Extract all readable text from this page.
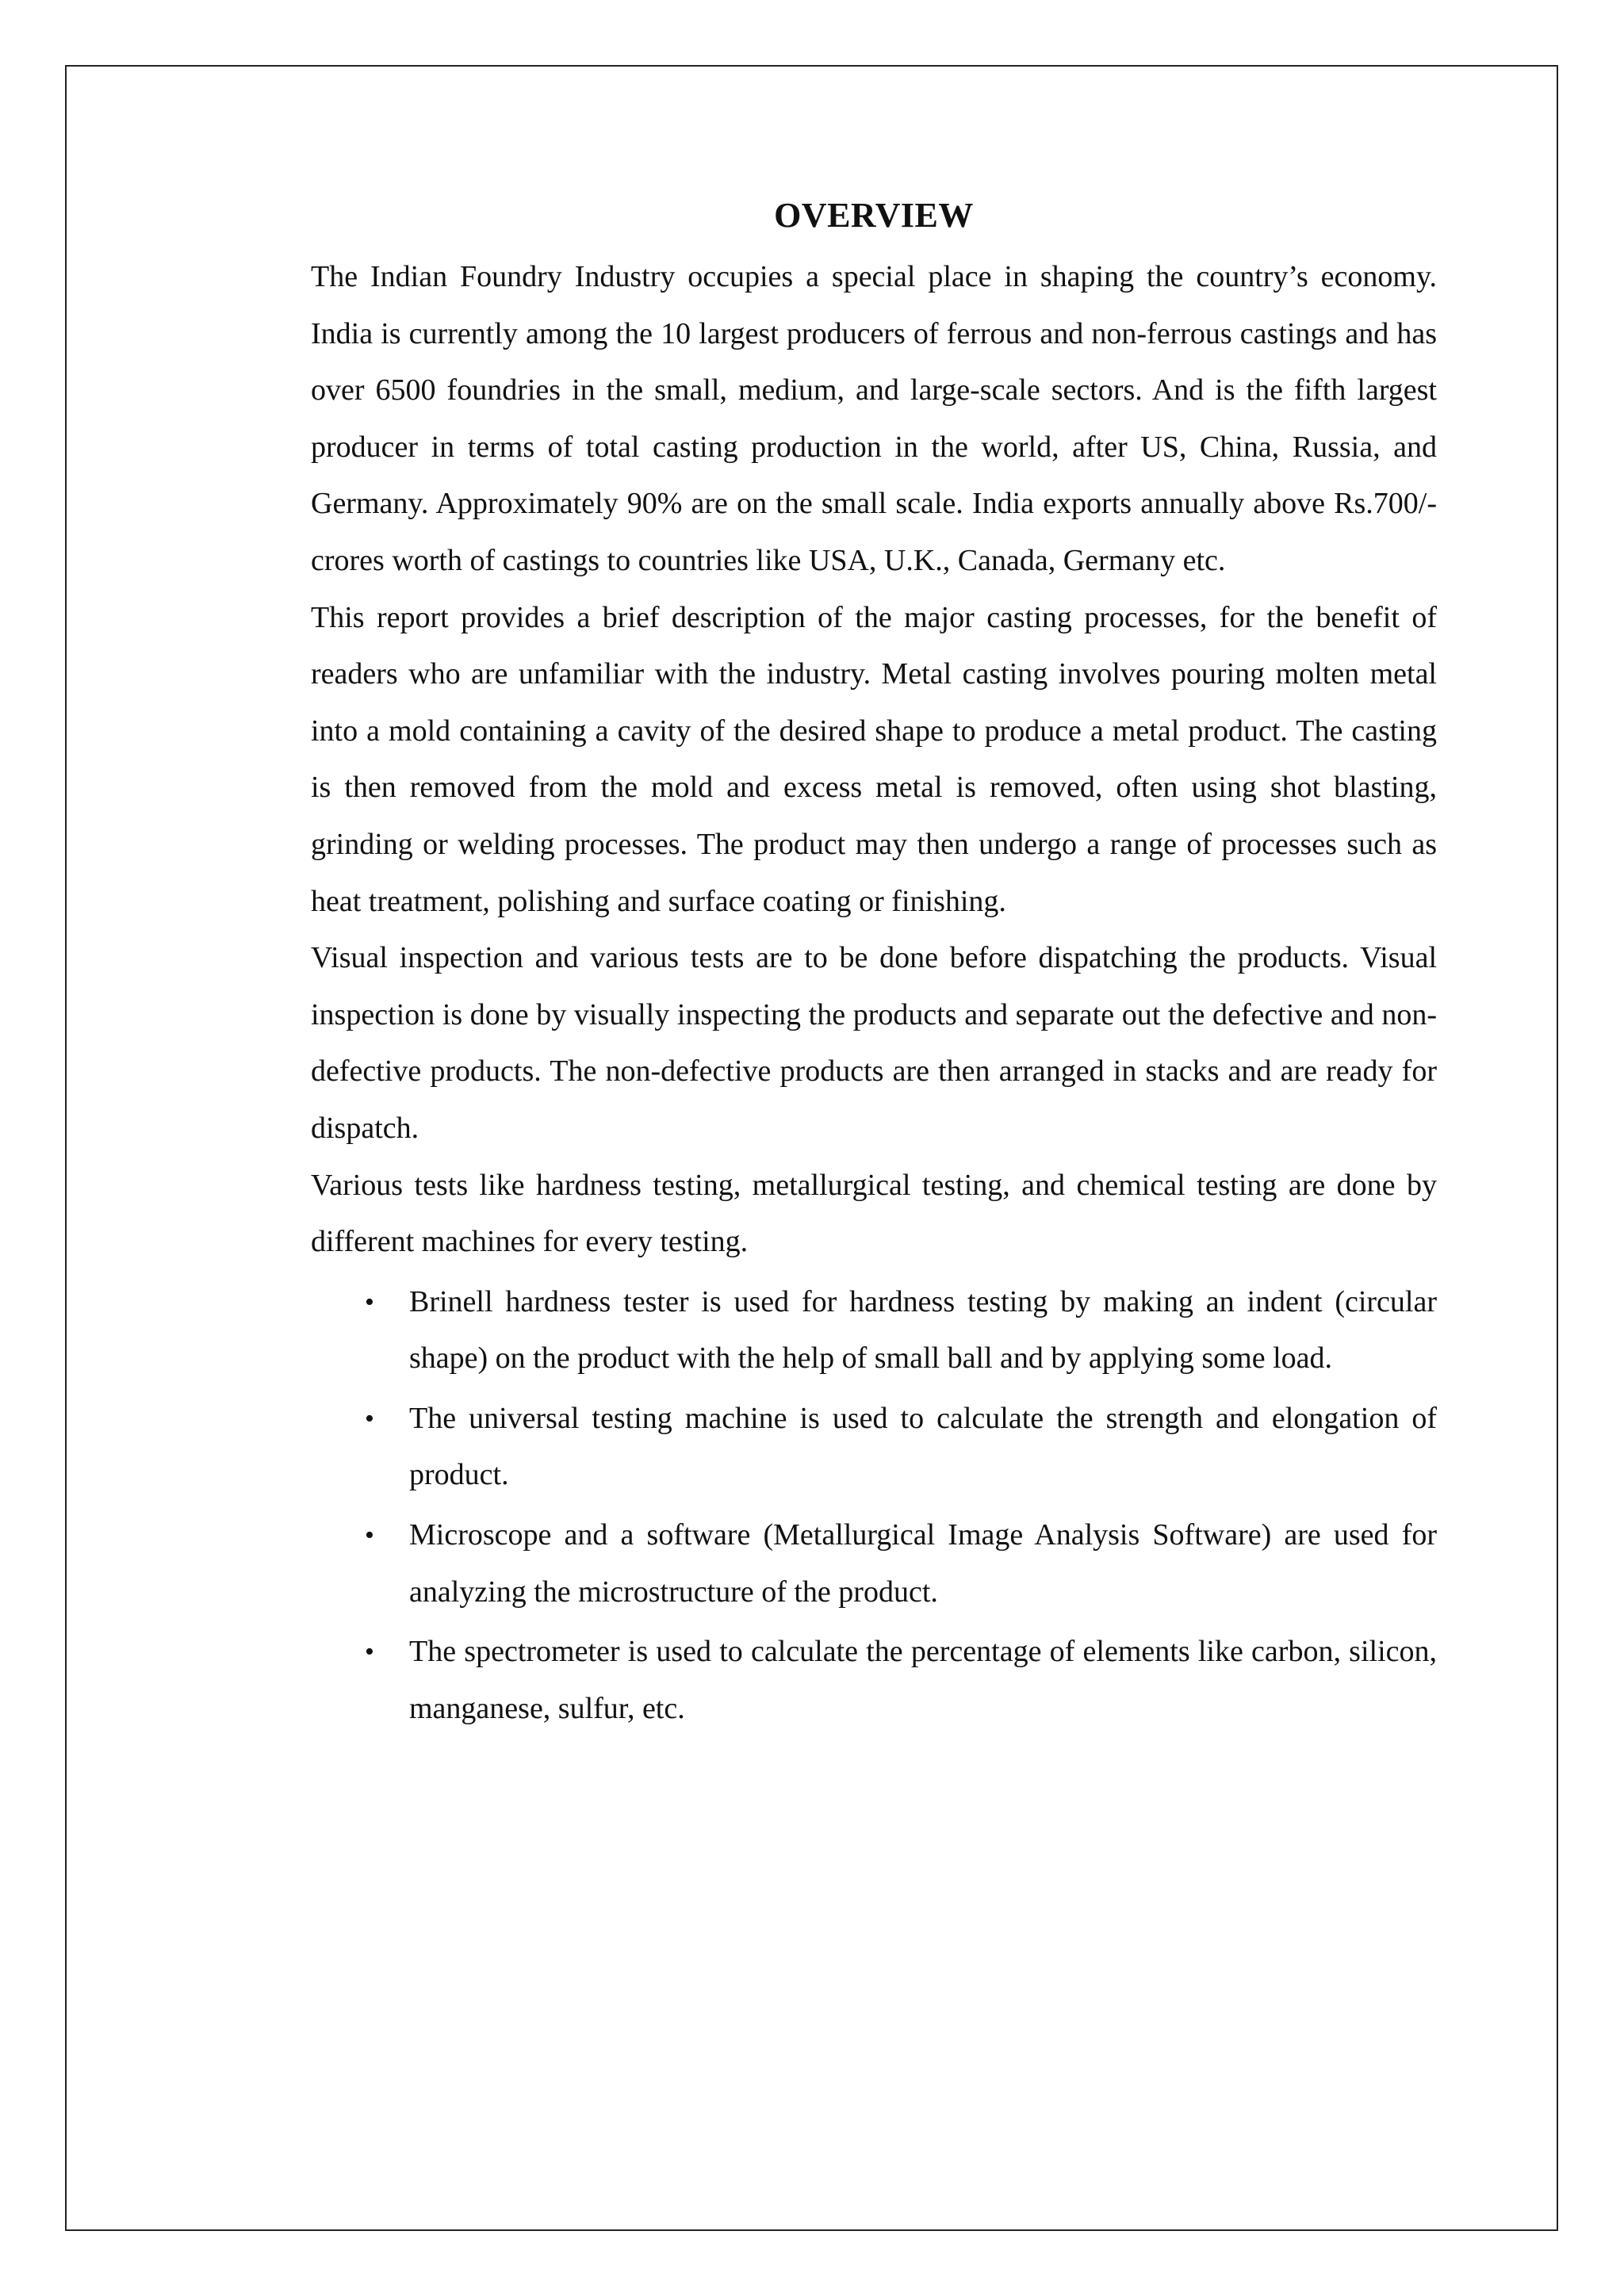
OVERVIEW

The Indian Foundry Industry occupies a special place in shaping the country’s economy. India is currently among the 10 largest producers of ferrous and non-ferrous castings and has over 6500 foundries in the small, medium, and large-scale sectors. And is the fifth largest producer in terms of total casting production in the world, after US, China, Russia, and Germany. Approximately 90% are on the small scale. India exports annually above Rs.700/- crores worth of castings to countries like USA, U.K., Canada, Germany etc.

This report provides a brief description of the major casting processes, for the benefit of readers who are unfamiliar with the industry. Metal casting involves pouring molten metal into a mold containing a cavity of the desired shape to produce a metal product. The casting is then removed from the mold and excess metal is removed, often using shot blasting, grinding or welding processes. The product may then undergo a range of processes such as heat treatment, polishing and surface coating or finishing.

Visual inspection and various tests are to be done before dispatching the products. Visual inspection is done by visually inspecting the products and separate out the defective and non-defective products. The non-defective products are then arranged in stacks and are ready for dispatch.

Various tests like hardness testing, metallurgical testing, and chemical testing are done by different machines for every testing.

• Brinell hardness tester is used for hardness testing by making an indent (circular shape) on the product with the help of small ball and by applying some load.
• The universal testing machine is used to calculate the strength and elongation of product.
• Microscope and a software (Metallurgical Image Analysis Software) are used for analyzing the microstructure of the product.
• The spectrometer is used to calculate the percentage of elements like carbon, silicon, manganese, sulfur, etc.
